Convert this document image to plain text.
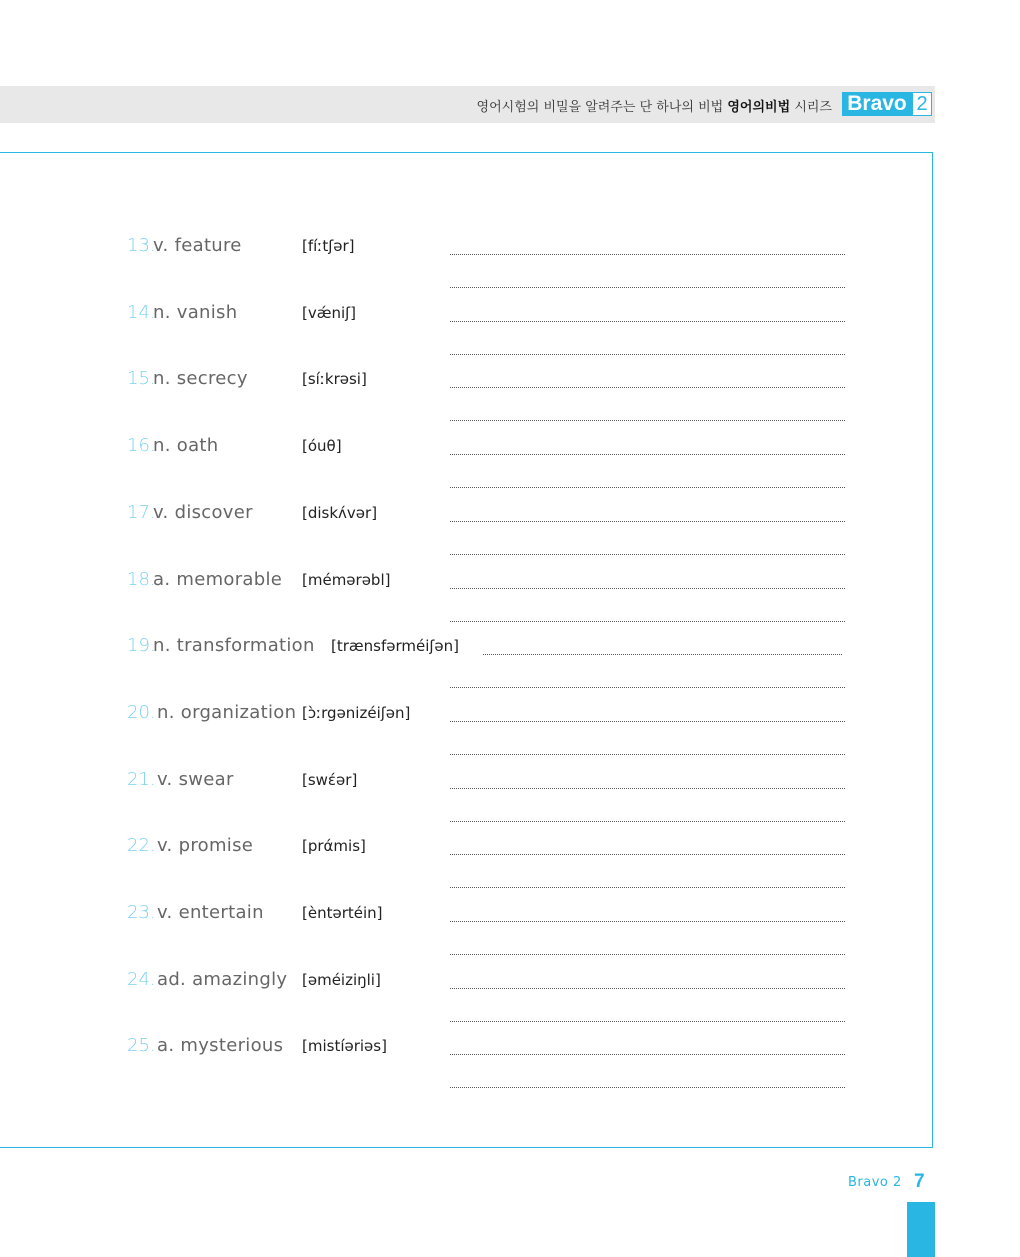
영어시험의 비밀을 알려주는 단 하나의 비법 영어의비법 시리즈 Bravo 2
13.
v. feature	[fíːtʃər]
14.
n. vanish	[vǽniʃ]
15.
n. secrecy	[síːkrəsi]
16.
n. oath	[óuθ]
17.
v. discover	[diskʌ́vər]
18.
a. memorable [mémərəbl]
19.
n. transformation [trӕnsfərméiʃən]
20. n. organization [ɔ̀ːrgənizéiʃən]
21. v. swear	[swέər]
22. v. promise	[prάmis]
23. v. entertain	[èntərtéin]
24. ad. amazingly [əméiziŋli]
25. a. mysterious [mistíəriəs]
Bravo 2 7
